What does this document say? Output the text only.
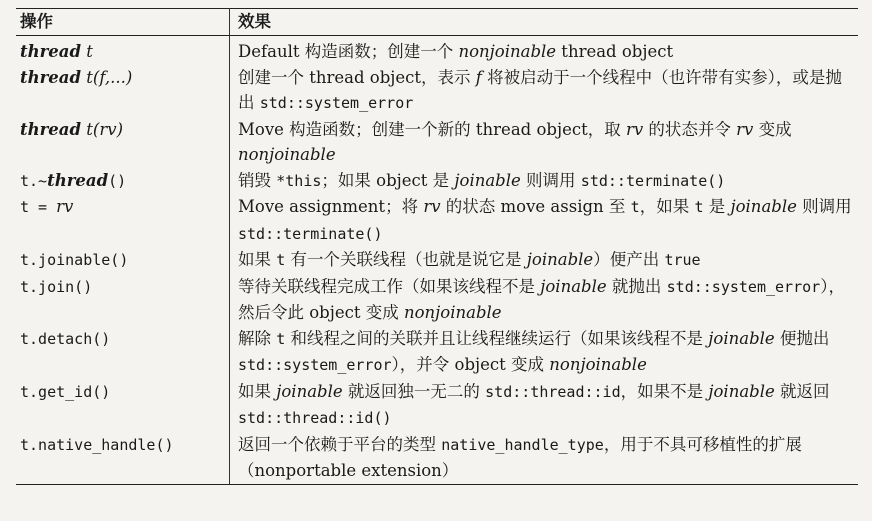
操作	效果
thread t	Default 构造函数；创建一个 nonjoinable thread object
thread t(f,...)	创建一个 thread object，表示 f 将被启动于一个线程中（也许带有实参），或是抛出 std::system_error
thread t(rv)	Move 构造函数；创建一个新的 thread object，取 rv 的状态并令 rv 变成 nonjoinable
t.~thread()	销毁 *this；如果 object 是 joinable 则调用 std::terminate()
t = rv	Move assignment；将 rv 的状态 move assign 至 t，如果 t 是 joinable 则调用 std::terminate()
t.joinable()	如果 t 有一个关联线程（也就是说它是 joinable）便产出 true
t.join()	等待关联线程完成工作（如果该线程不是 joinable 就抛出 std::system_error），然后令此 object 变成 nonjoinable
t.detach()	解除 t 和线程之间的关联并且让线程继续运行（如果该线程不是 joinable 便抛出 std::system_error），并令 object 变成 nonjoinable
t.get_id()	如果 joinable 就返回独一无二的 std::thread::id，如果不是 joinable 就返回 std::thread::id()
t.native_handle()	返回一个依赖于平台的类型 native_handle_type，用于不具可移植性的扩展（nonportable extension）
